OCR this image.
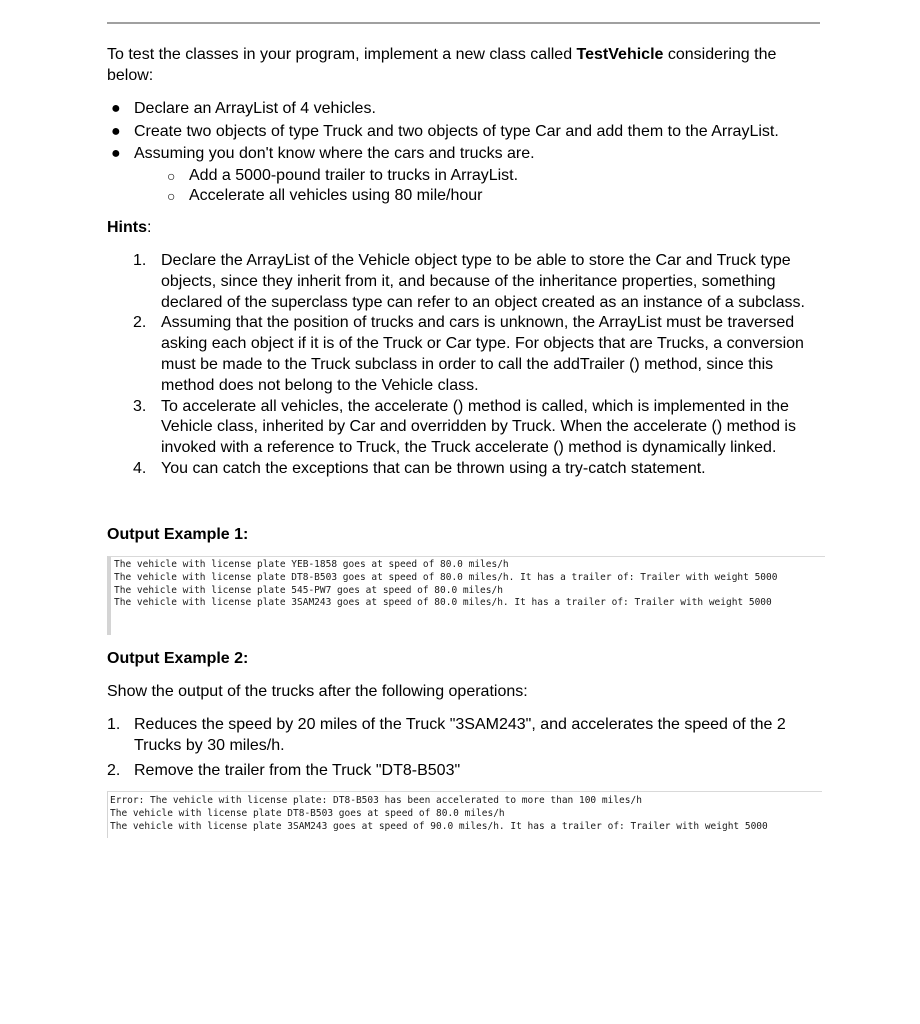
To test the classes in your program, implement a new class called TestVehicle considering the below:

● Declare an ArrayList of 4 vehicles.
● Create two objects of type Truck and two objects of type Car and add them to the ArrayList.
● Assuming you don't know where the cars and trucks are.
○ Add a 5000-pound trailer to trucks in ArrayList.
○ Accelerate all vehicles using 80 mile/hour

Hints:

1. Declare the ArrayList of the Vehicle object type to be able to store the Car and Truck type objects, since they inherit from it, and because of the inheritance properties, something declared of the superclass type can refer to an object created as an instance of a subclass.
2. Assuming that the position of trucks and cars is unknown, the ArrayList must be traversed asking each object if it is of the Truck or Car type. For objects that are Trucks, a conversion must be made to the Truck subclass in order to call the addTrailer () method, since this method does not belong to the Vehicle class.
3. To accelerate all vehicles, the accelerate () method is called, which is implemented in the Vehicle class, inherited by Car and overridden by Truck. When the accelerate () method is invoked with a reference to Truck, the Truck accelerate () method is dynamically linked.
4. You can catch the exceptions that can be thrown using a try-catch statement.

Output Example 1:

The vehicle with license plate YEB-1858 goes at speed of 80.0 miles/h
The vehicle with license plate DT8-B503 goes at speed of 80.0 miles/h. It has a trailer of: Trailer with weight 5000
The vehicle with license plate 545-PW7 goes at speed of 80.0 miles/h
The vehicle with license plate 3SAM243 goes at speed of 80.0 miles/h. It has a trailer of: Trailer with weight 5000

Output Example 2:

Show the output of the trucks after the following operations:

1. Reduces the speed by 20 miles of the Truck "3SAM243", and accelerates the speed of the 2 Trucks by 30 miles/h.
2. Remove the trailer from the Truck "DT8-B503"
Error: The vehicle with license plate: DT8-B503 has been accelerated to more than 100 miles/h
The vehicle with license plate DT8-B503 goes at speed of 80.0 miles/h
The vehicle with license plate 3SAM243 goes at speed of 90.0 miles/h. It has a trailer of: Trailer with weight 5000
